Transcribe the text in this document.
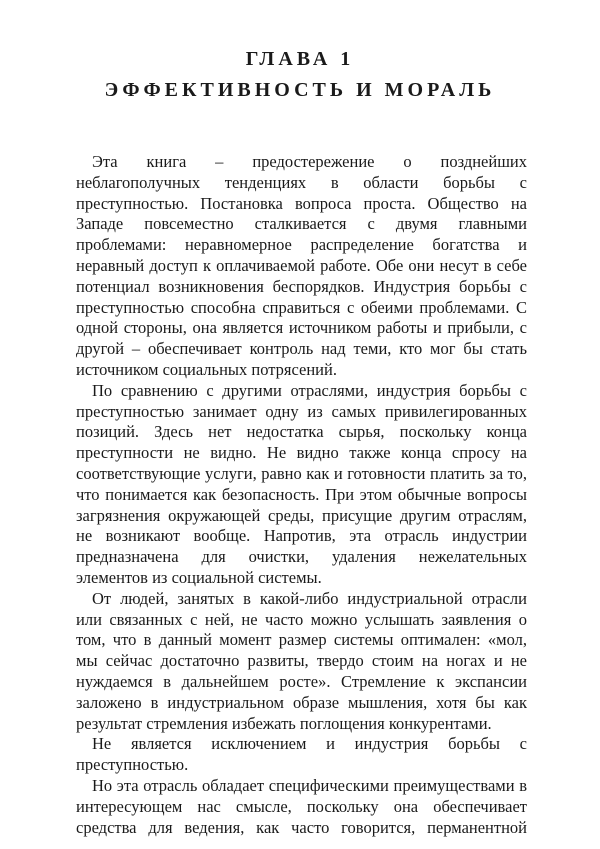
ГЛАВА 1
ЭФФЕКТИВНОСТЬ И МОРАЛЬ

Эта книга – предостережение о позднейших неблагополучных тенденциях в области борьбы с преступностью. Постановка вопроса проста. Общество на Западе повсеместно сталкивается с двумя главными проблемами: неравномерное распределение богатства и неравный доступ к оплачиваемой работе. Обе они несут в себе потенциал возникновения беспорядков. Индустрия борьбы с преступностью способна справиться с обеими проблемами. С одной стороны, она является источником работы и прибыли, с другой – обеспечивает контроль над теми, кто мог бы стать источником социальных потрясений.

По сравнению с другими отраслями, индустрия борьбы с преступностью занимает одну из самых привилегированных позиций. Здесь нет недостатка сырья, поскольку конца преступности не видно. Не видно также конца спросу на соответствующие услуги, равно как и готовности платить за то, что понимается как безопасность. При этом обычные вопросы загрязнения окружающей среды, присущие другим отраслям, не возникают вообще. Напротив, эта отрасль индустрии предназначена для очистки, удаления нежелательных элементов из социальной системы.

От людей, занятых в какой-либо индустриальной отрасли или связанных с ней, не часто можно услышать заявления о том, что в данный момент размер системы оптимален: «мол, мы сейчас достаточно развиты, твердо стоим на ногах и не нуждаемся в дальнейшем росте». Стремление к экспансии заложено в индустриальном образе мышления, хотя бы как результат стремления избежать поглощения конкурентами.

Не является исключением и индустрия борьбы с преступностью.

Но эта отрасль обладает специфическими преимуществами в интересующем нас смысле, поскольку она обеспечивает средства для ведения, как часто говорится, перманентной
